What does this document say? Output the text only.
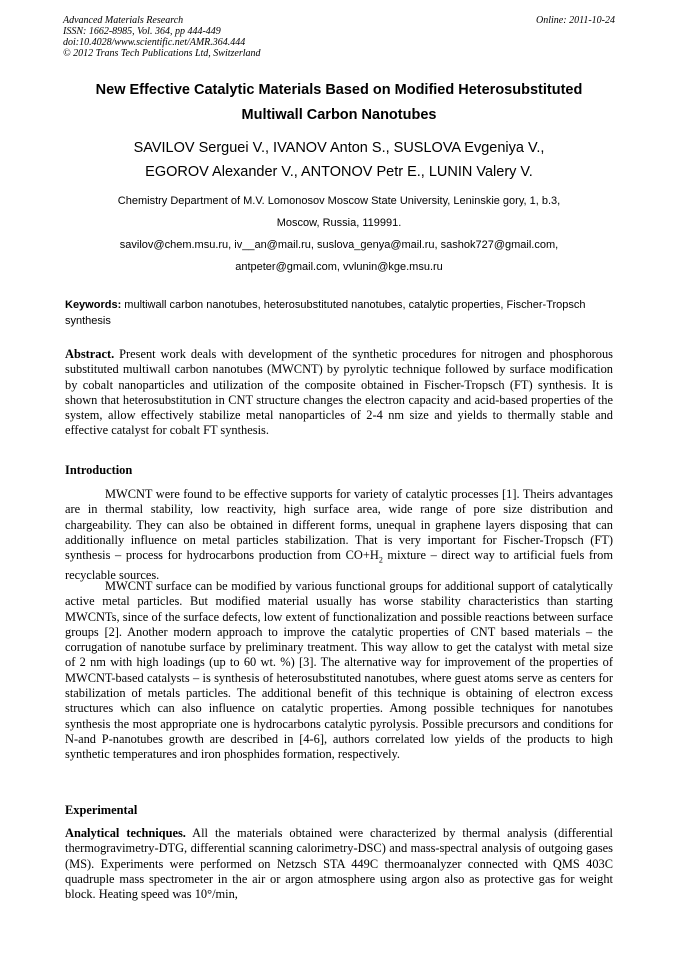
Advanced Materials Research
ISSN: 1662-8985, Vol. 364, pp 444-449
doi:10.4028/www.scientific.net/AMR.364.444
© 2012 Trans Tech Publications Ltd, Switzerland
Online: 2011-10-24
New Effective Catalytic Materials Based on Modified Heterosubstituted
Multiwall Carbon Nanotubes
SAVILOV Serguei V., IVANOV Anton S., SUSLOVA Evgeniya V.,
EGOROV Alexander V., ANTONOV Petr E., LUNIN Valery V.
Chemistry Department of M.V. Lomonosov Moscow State University, Leninskie gory, 1, b.3,
Moscow, Russia, 119991.
savilov@chem.msu.ru, iv__an@mail.ru, suslova_genya@mail.ru, sashok727@gmail.com,
antpeter@gmail.com, vvlunin@kge.msu.ru
Keywords: multiwall carbon nanotubes, heterosubstituted nanotubes, catalytic properties, Fischer-Tropsch synthesis

Abstract. Present work deals with development of the synthetic procedures for nitrogen and phosphorous substituted multiwall carbon nanotubes (MWCNT) by pyrolytic technique followed by surface modification by cobalt nanoparticles and utilization of the composite obtained in Fischer-Tropsch (FT) synthesis. It is shown that heterosubstitution in CNT structure changes the electron capacity and acid-based properties of the system, allow effectively stabilize metal nanoparticles of 2-4 nm size and yields to thermally stable and effective catalyst for cobalt FT synthesis.

Introduction

MWCNT were found to be effective supports for variety of catalytic processes [1]. Theirs advantages are in thermal stability, low reactivity, high surface area, wide range of pore size distribution and chargeability. They can also be obtained in different forms, unequal in graphene layers disposing that can additionally influence on metal particles stabilization. That is very important for Fischer-Tropsch (FT) synthesis – process for hydrocarbons production from $CO+H_2$ mixture – direct way to artificial fuels from recyclable sources.

MWCNT surface can be modified by various functional groups for additional support of catalytically active metal particles. But modified material usually has worse stability characteristics than starting MWCNTs, since of the surface defects, low extent of functionalization and possible reactions between surface groups [2]. Another modern approach to improve the catalytic properties of CNT based materials – the corrugation of nanotube surface by preliminary treatment. This way allow to get the catalyst with metal size of 2 nm with high loadings (up to 60 wt. %) [3]. The alternative way for improvement of the properties of MWCNT-based catalysts – is synthesis of heterosubstituted nanotubes, where guest atoms serve as centers for stabilization of metals particles. The additional benefit of this technique is obtaining of electron excess structures which can also influence on catalytic properties. Among possible techniques for nanotubes synthesis the most appropriate one is hydrocarbons catalytic pyrolysis. Possible precursors and conditions for N-and P-nanotubes growth are described in [4-6], authors correlated low yields of the products to high synthetic temperatures and iron phosphides formation, respectively.

Experimental

Analytical techniques. All the materials obtained were characterized by thermal analysis (differential thermogravimetry-DTG, differential scanning calorimetry-DSC) and mass-spectral analysis of outgoing gases (MS). Experiments were performed on Netzsch STA 449C thermoanalyzer connected with QMS 403C quadruple mass spectrometer in the air or argon atmosphere using argon also as protective gas for weight block. Heating speed was 10°/min,
